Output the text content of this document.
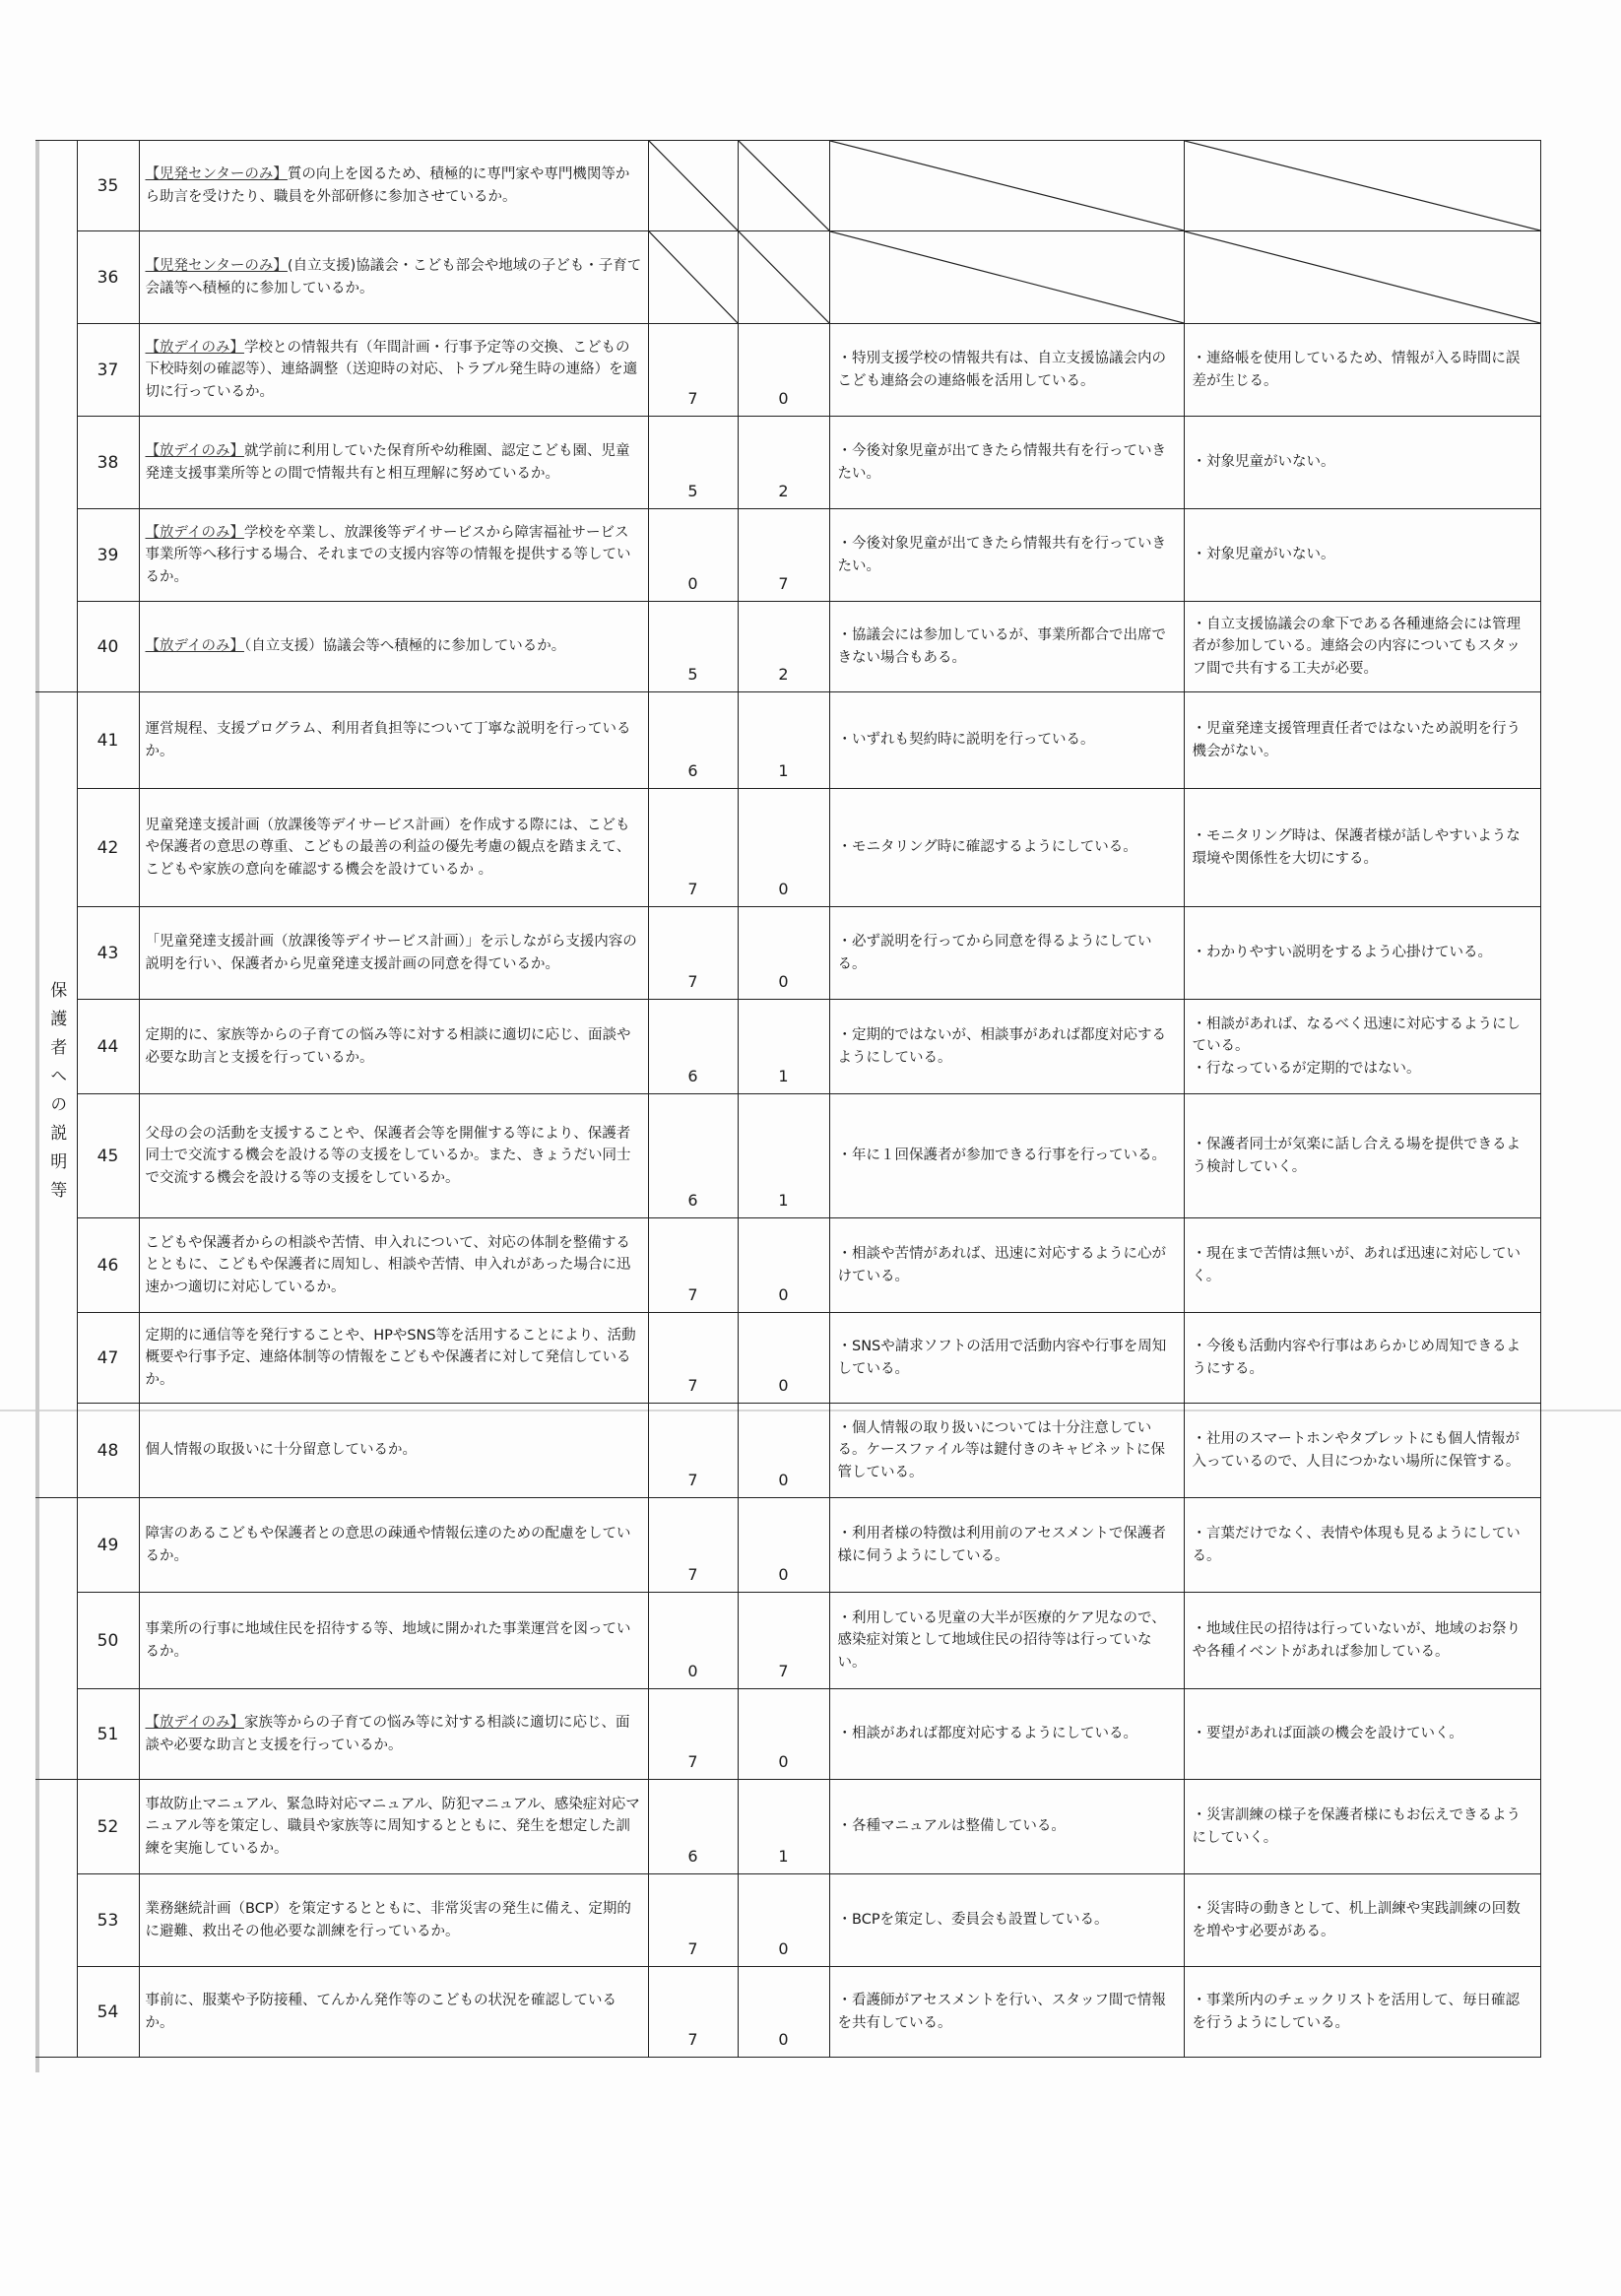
	35	【児発センターのみ】質の向上を図るため、積極的に専門家や専門機関等から助言を受けたり、職員を外部研修に参加させているか。	

	36	【児発センターのみ】(自立支援)協議会・こども部会や地域の子ども・子育て会議等へ積極的に参加しているか。	

	37	【放デイのみ】学校との情報共有（年間計画・行事予定等の交換、こどもの下校時刻の確認等）、連絡調整（送迎時の対応、トラブル発生時の連絡）を適切に行っているか。	7	0	・特別支援学校の情報共有は、自立支援協議会内のこども連絡会の連絡帳を活用している。	・連絡帳を使用しているため、情報が入る時間に誤差が生じる。
	38	【放デイのみ】就学前に利用していた保育所や幼稚園、認定こども園、児童発達支援事業所等との間で情報共有と相互理解に努めているか。	5	2	・今後対象児童が出てきたら情報共有を行っていきたい。	・対象児童がいない。
	39	【放デイのみ】学校を卒業し、放課後等デイサービスから障害福祉サービス事業所等へ移行する場合、それまでの支援内容等の情報を提供する等しているか。	0	7	・今後対象児童が出てきたら情報共有を行っていきたい。	・対象児童がいない。
	40	【放デイのみ】（自立支援）協議会等へ積極的に参加しているか。	5	2	・協議会には参加しているが、事業所都合で出席できない場合もある。	・自立支援協議会の傘下である各種連絡会には管理者が参加している。連絡会の内容についてもスタッフ間で共有する工夫が必要。

保護者への説明等	41	運営規程、支援プログラム、利用者負担等について丁寧な説明を行っているか。	6	1	・いずれも契約時に説明を行っている。	・児童発達支援管理責任者ではないため説明を行う機会がない。
	42	児童発達支援計画（放課後等デイサービス計画）を作成する際には、こどもや保護者の意思の尊重、こどもの最善の利益の優先考慮の観点を踏まえて、こどもや家族の意向を確認する機会を設けているか 。	7	0	・モニタリング時に確認するようにしている。	・モニタリング時は、保護者様が話しやすいような環境や関係性を大切にする。
	43	「児童発達支援計画（放課後等デイサービス計画）」を示しながら支援内容の説明を行い、保護者から児童発達支援計画の同意を得ているか。	7	0	・必ず説明を行ってから同意を得るようにしている。	・わかりやすい説明をするよう心掛けている。
	44	定期的に、家族等からの子育ての悩み等に対する相談に適切に応じ、面談や必要な助言と支援を行っているか。	6	1	・定期的ではないが、相談事があれば都度対応するようにしている。	・相談があれば、なるべく迅速に対応するようにしている。
・行なっているが定期的ではない。
	45	父母の会の活動を支援することや、保護者会等を開催する等により、保護者同士で交流する機会を設ける等の支援をしているか。また、きょうだい同士で交流する機会を設ける等の支援をしているか。	6	1	・年に１回保護者が参加できる行事を行っている。	・保護者同士が気楽に話し合える場を提供できるよう検討していく。
	46	こどもや保護者からの相談や苦情、申入れについて、対応の体制を整備するとともに、こどもや保護者に周知し、相談や苦情、申入れがあった場合に迅速かつ適切に対応しているか。	7	0	・相談や苦情があれば、迅速に対応するように心がけている。	・現在まで苦情は無いが、あれば迅速に対応していく。
	47	定期的に通信等を発行することや、HPやSNS等を活用することにより、活動概要や行事予定、連絡体制等の情報をこどもや保護者に対して発信しているか。	7	0	・SNSや請求ソフトの活用で活動内容や行事を周知している。	・今後も活動内容や行事はあらかじめ周知できるようにする。
	48	個人情報の取扱いに十分留意しているか。	7	0	・個人情報の取り扱いについては十分注意している。ケースファイル等は鍵付きのキャビネットに保管している。	・社用のスマートホンやタブレットにも個人情報が入っているので、人目につかない場所に保管する。
	49	障害のあるこどもや保護者との意思の疎通や情報伝達のための配慮をしているか。	7	0	・利用者様の特徴は利用前のアセスメントで保護者様に伺うようにしている。	・言葉だけでなく、表情や体現も見るようにしている。
	50	事業所の行事に地域住民を招待する等、地域に開かれた事業運営を図っているか。	0	7	・利用している児童の大半が医療的ケア児なので、感染症対策として地域住民の招待等は行っていない。	・地域住民の招待は行っていないが、地域のお祭りや各種イベントがあれば参加している。
	51	【放デイのみ】家族等からの子育ての悩み等に対する相談に適切に応じ、面談や必要な助言と支援を行っているか。	7	0	・相談があれば都度対応するようにしている。	・要望があれば面談の機会を設けていく。
	52	事故防止マニュアル、緊急時対応マニュアル、防犯マニュアル、感染症対応マニュアル等を策定し、職員や家族等に周知するとともに、発生を想定した訓練を実施しているか。	6	1	・各種マニュアルは整備している。	・災害訓練の様子を保護者様にもお伝えできるようにしていく。
	53	業務継続計画（BCP）を策定するとともに、非常災害の発生に備え、定期的に避難、救出その他必要な訓練を行っているか。	7	0	・BCPを策定し、委員会も設置している。	・災害時の動きとして、机上訓練や実践訓練の回数を増やす必要がある。
	54	事前に、服薬や予防接種、てんかん発作等のこどもの状況を確認しているか。	7	0	・看護師がアセスメントを行い、スタッフ間で情報を共有している。	・事業所内のチェックリストを活用して、毎日確認を行うようにしている。
